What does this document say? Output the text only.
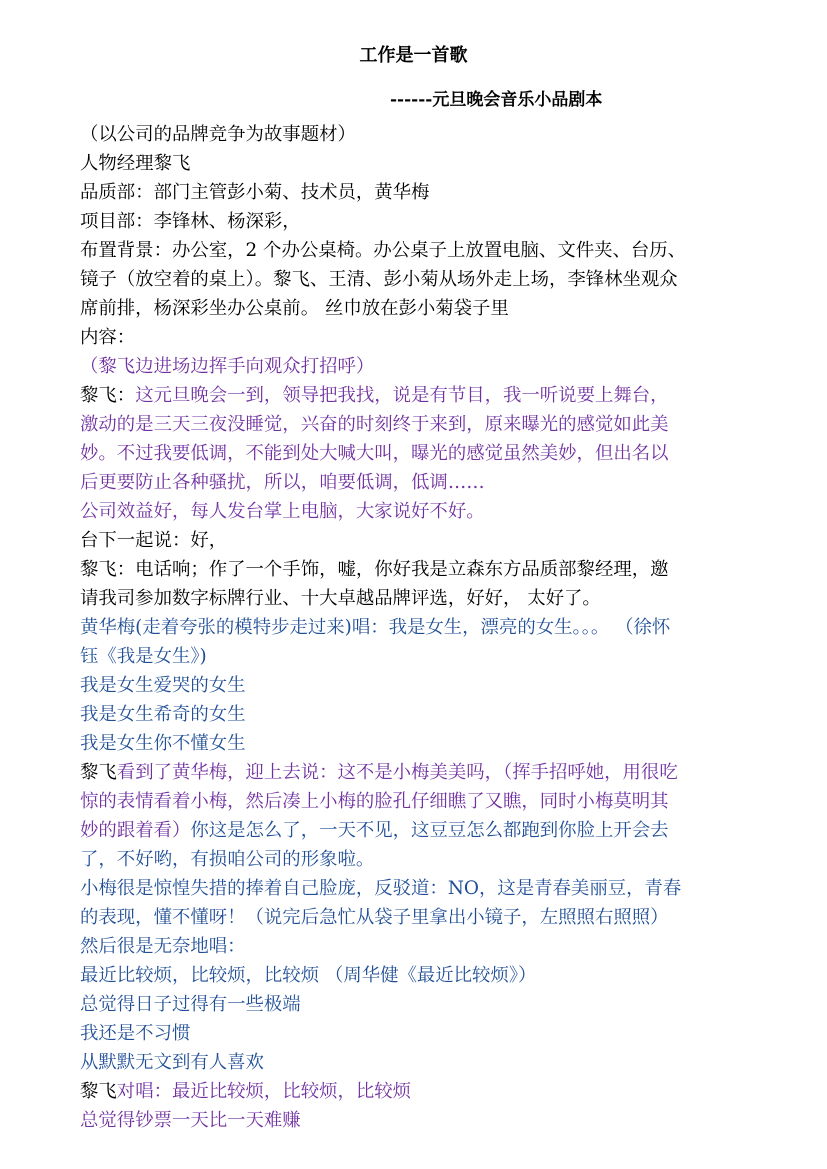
工作是一首歌
------元旦晚会音乐小品剧本
（以公司的品牌竞争为故事题材）
人物经理黎飞
品质部：部门主管彭小菊、技术员，黄华梅
项目部：李锋林、杨深彩，
布置背景：办公室，2 个办公桌椅。办公桌子上放置电脑、文件夹、台历、
镜子（放空着的桌上）。黎飞、王清、彭小菊从场外走上场，李锋林坐观众
席前排，杨深彩坐办公桌前。 丝巾放在彭小菊袋子里
内容：
（黎飞边进场边挥手向观众打招呼）
黎飞：这元旦晚会一到，领导把我找，说是有节目，我一听说要上舞台，
激动的是三天三夜没睡觉，兴奋的时刻终于来到，原来曝光的感觉如此美
妙。不过我要低调，不能到处大喊大叫，曝光的感觉虽然美妙，但出名以
后更要防止各种骚扰，所以，咱要低调，低调……
公司效益好，每人发台掌上电脑，大家说好不好。
台下一起说：好，
黎飞：电话响；作了一个手饰，嘘，你好我是立森东方品质部黎经理，邀
请我司参加数字标牌行业、十大卓越品牌评选，好好， 太好了。
黄华梅(走着夸张的模特步走过来)唱：我是女生，漂亮的女生。。。 （徐怀
钰《我是女生》)
我是女生爱哭的女生
我是女生希奇的女生
我是女生你不懂女生
黎飞看到了黄华梅，迎上去说：这不是小梅美美吗，（挥手招呼她，用很吃
惊的表情看着小梅，然后凑上小梅的脸孔仔细瞧了又瞧，同时小梅莫明其
妙的跟着看）你这是怎么了，一天不见，这豆豆怎么都跑到你脸上开会去
了，不好哟，有损咱公司的形象啦。
小梅很是惊惶失措的捧着自己脸庞，反驳道：NO，这是青春美丽豆，青春
的表现，懂不懂呀！（说完后急忙从袋子里拿出小镜子，左照照右照照）
然后很是无奈地唱：
最近比较烦，比较烦，比较烦 （周华健《最近比较烦》）
总觉得日子过得有一些极端
我还是不习惯
从默默无文到有人喜欢
黎飞对唱：最近比较烦，比较烦，比较烦
总觉得钞票一天比一天难赚
